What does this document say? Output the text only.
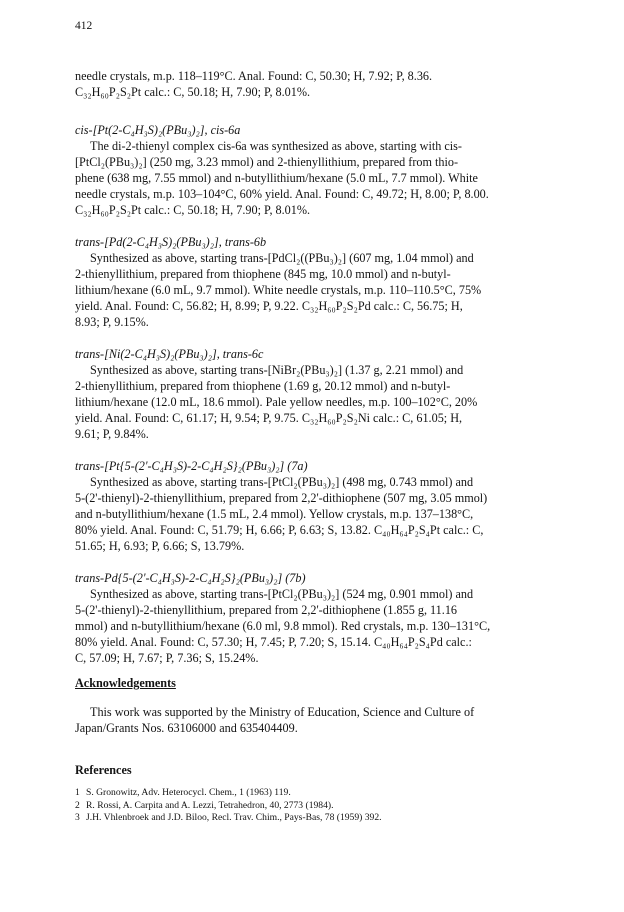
412

needle crystals, m.p. 118–119°C. Anal. Found: C, 50.30; H, 7.92; P, 8.36.

C₃₂H₆₀P₂S₂Pt calc.: C, 50.18; H, 7.90; P, 8.01%.

cis-[Pt(2-C₄H₃S)₂(PBu₃)₂], cis-6a

The di-2-thienyl complex cis-6a was synthesized as above, starting with cis-

[PtCl₂(PBu₃)₂] (250 mg, 3.23 mmol) and 2-thienyllithium, prepared from thio-

phene (638 mg, 7.55 mmol) and n-butyllithium/hexane (5.0 mL, 7.7 mmol). White

needle crystals, m.p. 103–104°C, 60% yield. Anal. Found: C, 49.72; H, 8.00; P, 8.00.

C₃₂H₆₀P₂S₂Pt calc.: C, 50.18; H, 7.90; P, 8.01%.

trans-[Pd(2-C₄H₃S)₂(PBu₃)₂], trans-6b

Synthesized as above, starting trans-[PdCl₂((PBu₃)₂] (607 mg, 1.04 mmol) and

2-thienyllithium, prepared from thiophene (845 mg, 10.0 mmol) and n-butyl-

lithium/hexane (6.0 mL, 9.7 mmol). White needle crystals, m.p. 110–110.5°C, 75%

yield. Anal. Found: C, 56.82; H, 8.99; P, 9.22. C₃₂H₆₀P₂S₂Pd calc.: C, 56.75; H,

8.93; P, 9.15%.

trans-[Ni(2-C₄H₃S)₂(PBu₃)₂], trans-6c

Synthesized as above, starting trans-[NiBr₂(PBu₃)₂] (1.37 g, 2.21 mmol) and

2-thienyllithium, prepared from thiophene (1.69 g, 20.12 mmol) and n-butyl-

lithium/hexane (12.0 mL, 18.6 mmol). Pale yellow needles, m.p. 100–102°C, 20%

yield. Anal. Found: C, 61.17; H, 9.54; P, 9.75. C₃₂H₆₀P₂S₂Ni calc.: C, 61.05; H,

9.61; P, 9.84%.

trans-[Pt{5-(2'-C₄H₃S)-2-C₄H₂S}₂(PBu₃)₂] (7a)

Synthesized as above, starting trans-[PtCl₂(PBu₃)₂] (498 mg, 0.743 mmol) and

5-(2'-thienyl)-2-thienyllithium, prepared from 2,2'-dithiophene (507 mg, 3.05 mmol)

and n-butyllithium/hexane (1.5 mL, 2.4 mmol). Yellow crystals, m.p. 137–138°C,

80% yield. Anal. Found: C, 51.79; H, 6.66; P, 6.63; S, 13.82. C₄₀H₆₄P₂S₄Pt calc.: C,

51.65; H, 6.93; P, 6.66; S, 13.79%.

trans-Pd{5-(2'-C₄H₃S)-2-C₄H₂S}₂(PBu₃)₂] (7b)

Synthesized as above, starting trans-[PtCl₂(PBu₃)₂] (524 mg, 0.901 mmol) and

5-(2'-thienyl)-2-thienyllithium, prepared from 2,2'-dithiophene (1.855 g, 11.16

mmol) and n-butyllithium/hexane (6.0 ml, 9.8 mmol). Red crystals, m.p. 130–131°C,

80% yield. Anal. Found: C, 57.30; H, 7.45; P, 7.20; S, 15.14. C₄₀H₆₄P₂S₄Pd calc.:

C, 57.09; H, 7.67; P, 7.36; S, 15.24%.

Acknowledgements

This work was supported by the Ministry of Education, Science and Culture of

Japan/Grants Nos. 63106000 and 635404409.

References
1 S. Gronowitz, Adv. Heterocycl. Chem., 1 (1963) 119.
2 R. Rossi, A. Carpita and A. Lezzi, Tetrahedron, 40, 2773 (1984).
3 J.H. Vhlenbroek and J.D. Biloo, Recl. Trav. Chim., Pays-Bas, 78 (1959) 392.
